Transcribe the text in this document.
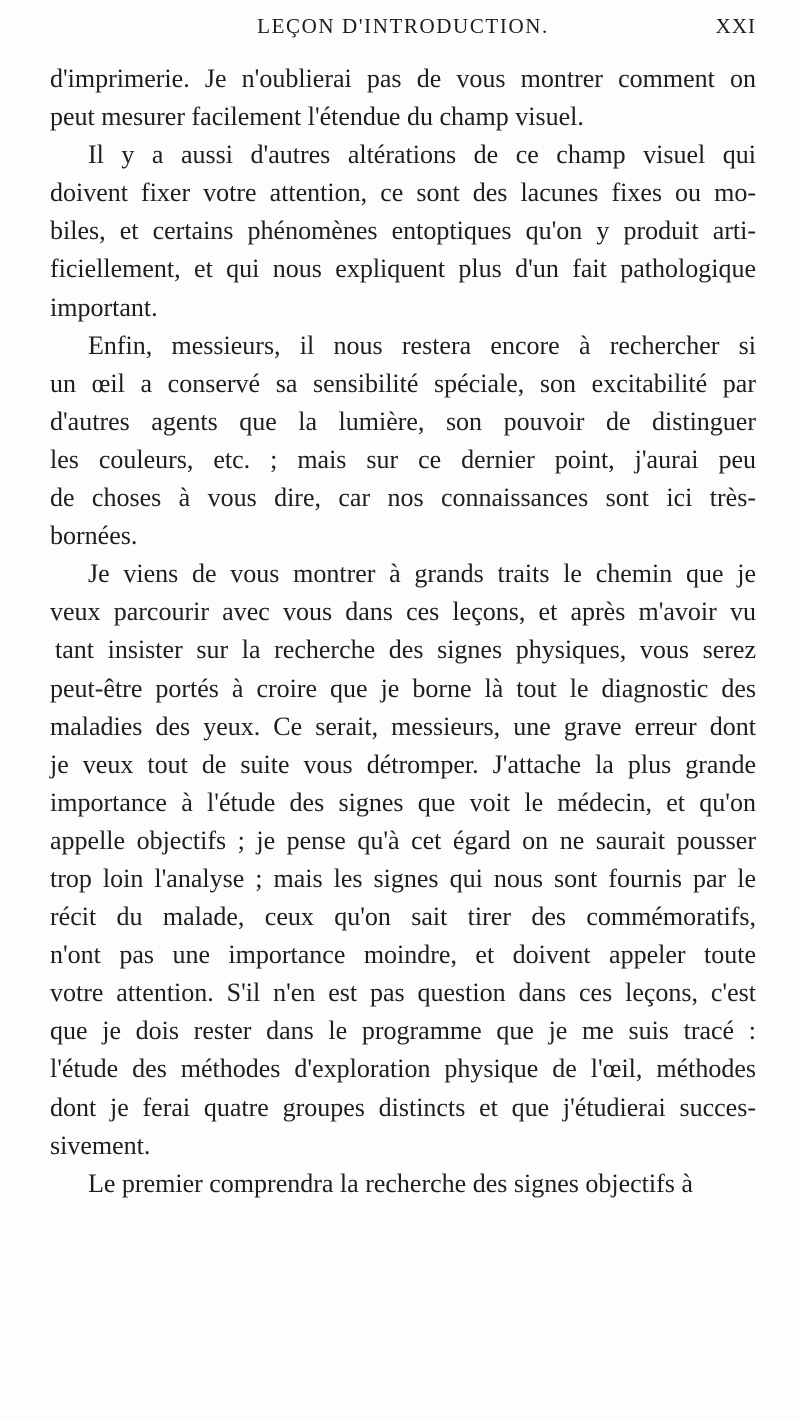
LEÇON D'INTRODUCTION.	XXI
d'imprimerie. Je n'oublierai pas de vous montrer comment on
peut mesurer facilement l'étendue du champ visuel.
Il y a aussi d'autres altérations de ce champ visuel qui
doivent fixer votre attention, ce sont des lacunes fixes ou mo-
biles, et certains phénomènes entoptiques qu'on y produit arti-
ficiellement, et qui nous expliquent plus d'un fait pathologique
important.
Enfin, messieurs, il nous restera encore à rechercher si
un œil a conservé sa sensibilité spéciale, son excitabilité par
d'autres agents que la lumière, son pouvoir de distinguer
les couleurs, etc. ; mais sur ce dernier point, j'aurai peu
de choses à vous dire, car nos connaissances sont ici très-
bornées.
Je viens de vous montrer à grands traits le chemin que je
veux parcourir avec vous dans ces leçons, et après m'avoir vu
tant insister sur la recherche des signes physiques, vous serez
peut-être portés à croire que je borne là tout le diagnostic des
maladies des yeux. Ce serait, messieurs, une grave erreur dont
je veux tout de suite vous détromper. J'attache la plus grande
importance à l'étude des signes que voit le médecin, et qu'on
appelle objectifs ; je pense qu'à cet égard on ne saurait pousser
trop loin l'analyse ; mais les signes qui nous sont fournis par le
récit du malade, ceux qu'on sait tirer des commémoratifs,
n'ont pas une importance moindre, et doivent appeler toute
votre attention. S'il n'en est pas question dans ces leçons, c'est
que je dois rester dans le programme que je me suis tracé :
l'étude des méthodes d'exploration physique de l'œil, méthodes
dont je ferai quatre groupes distincts et que j'étudierai succes-
sivement.
Le premier comprendra la recherche des signes objectifs à
